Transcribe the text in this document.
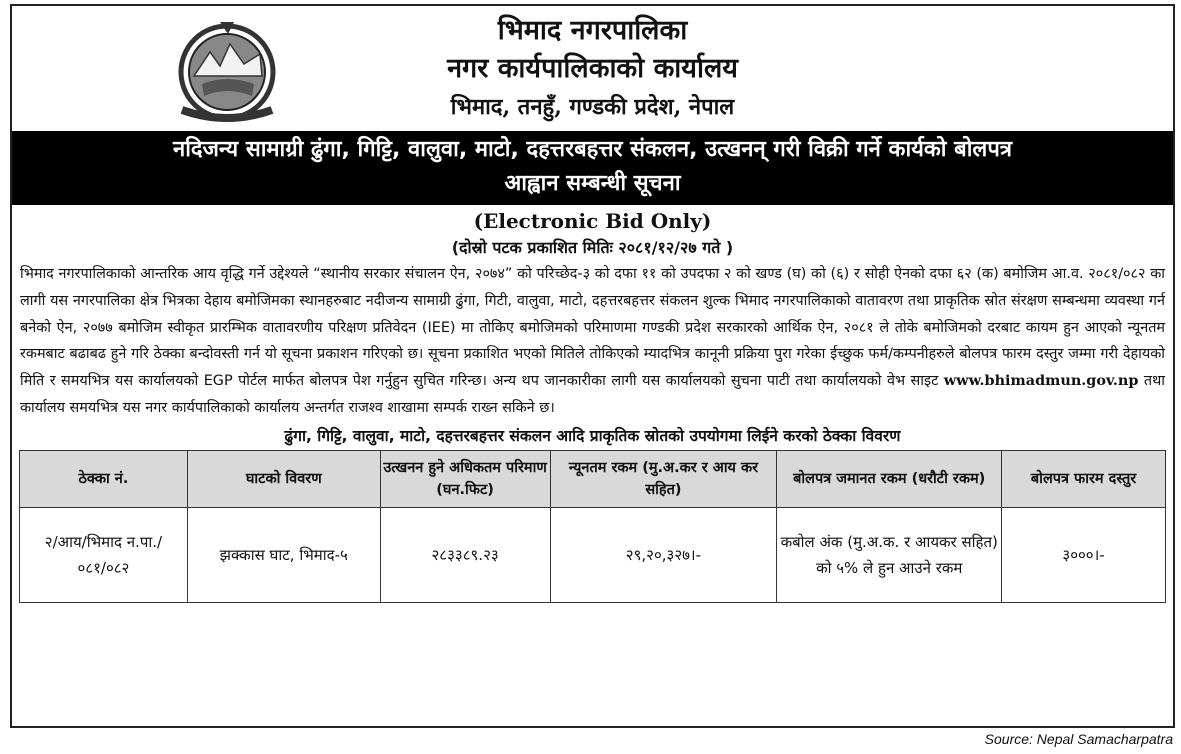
भिमाद नगरपालिका
नगर कार्यपालिकाको कार्यालय
भिमाद, तनहुँ, गण्डकी प्रदेश, नेपाल
नदिजन्य सामाग्री ढुंगा, गिट्टि, वालुवा, माटो, दहत्तरबहत्तर संकलन, उत्खनन् गरी विक्री गर्ने कार्यको बोलपत्र
आह्वान सम्बन्धी सूचना
(Electronic Bid Only)
(दोस्रो पटक प्रकाशित मितिः २०८१/१२/२७ गते )
भिमाद नगरपालिकाको आन्तरिक आय वृद्धि गर्ने उद्देश्यले “स्थानीय सरकार संचालन ऐन, २०७४” को परिच्छेद-३ को दफा ११ को उपदफा २ को खण्ड (घ) को (६) र सोही ऐनको दफा ६२ (क) बमोजिम आ.व. २०८१/०८२ का लागी यस नगरपालिका क्षेत्र भित्रका देहाय बमोजिमका स्थानहरुबाट नदीजन्य सामाग्री ढुंगा, गिटी, वालुवा, माटो, दहत्तरबहत्तर संकलन शुल्क भिमाद नगरपालिकाको वातावरण तथा प्राकृतिक स्रोत संरक्षण सम्बन्धमा व्यवस्था गर्न बनेको ऐन, २०७७ बमोजिम स्वीकृत प्रारम्भिक वातावरणीय परिक्षण प्रतिवेदन (IEE) मा तोकिए बमोजिमको परिमाणमा गण्डकी प्रदेश सरकारको आर्थिक ऐन, २०८१ ले तोके बमोजिमको दरबाट कायम हुन आएको न्यूनतम रकमबाट बढाबढ हुने गरि ठेक्का बन्दोवस्ती गर्न यो सूचना प्रकाशन गरिएको छ। सूचना प्रकाशित भएको मितिले तोकिएको म्यादभित्र कानूनी प्रक्रिया पुरा गरेका ईच्छुक फर्म/कम्पनीहरुले बोलपत्र फारम दस्तुर जम्मा गरी देहायको मिति र समयभित्र यस कार्यालयको EGP पोर्टल मार्फत बोलपत्र पेश गर्नुहुन सुचित गरिन्छ। अन्य थप जानकारीका लागी यस कार्यालयको सुचना पाटी तथा कार्यालयको वेभ साइट www.bhimadmun.gov.np तथा कार्यालय समयभित्र यस नगर कार्यपालिकाको कार्यालय अन्तर्गत राजश्व शाखामा सम्पर्क राख्न सकिने छ।
ढुंगा, गिट्टि, वालुवा, माटो, दहत्तरबहत्तर संकलन आदि प्राकृतिक स्रोतको उपयोगमा लिईने करको ठेक्का विवरण
ठेक्का नं.	घाटको विवरण	उत्खनन हुने अधिकतम परिमाण (घन.फिट)	न्यूनतम रकम (मु.अ.कर र आय कर सहित)	बोलपत्र जमानत रकम (धरौटी रकम)	बोलपत्र फारम दस्तुर
२/आय/भिमाद न.पा./०८१/०८२	झक्कास घाट, भिमाद-५	२८३३८९.२३	२९,२०,३२७।-	कबोल अंक (मु.अ.क. र आयकर सहित) को ५% ले हुन आउने रकम	३०००।-
Source: Nepal Samacharpatra
